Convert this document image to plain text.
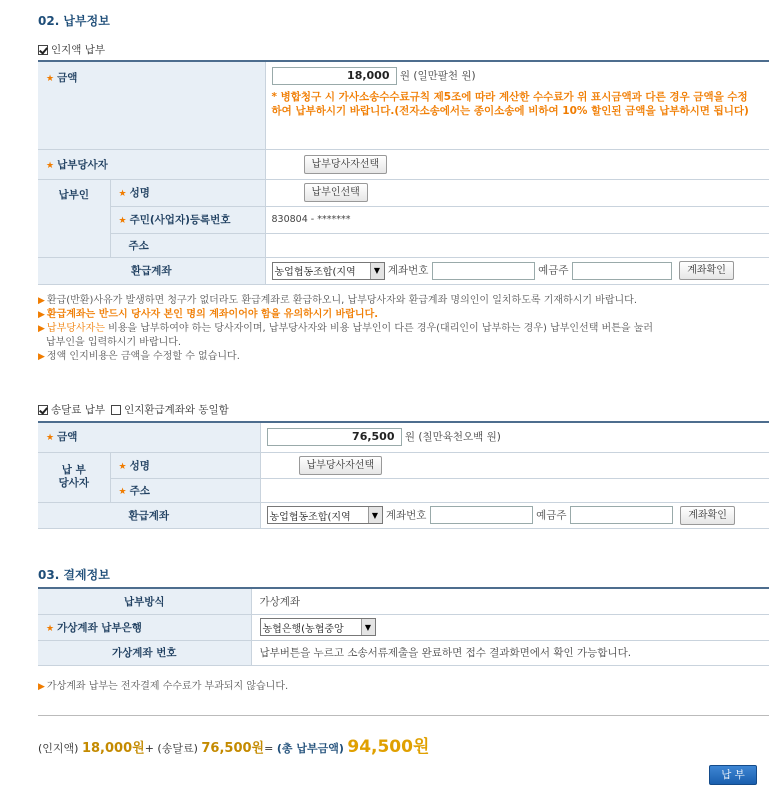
02. 납부정보
인지액 납부
★ 금액		18,000 원 (일만팔천 원)
* 병합청구 시 가사소송수수료규칙 제5조에 따라 계산한 수수료가 위 표시금액과 다른 경우 금액을 수정하여 납부하시기 바랍니다.(전자소송에서는 종이소송에 비하여 10% 할인된 금액을 납부하시면 됩니다)

★ 납부당사자		납부당사자선택
납부인	★ 성명	납부인선택
	★ 주민(사업자)등록번호	830804 - *******
	주소	
환급계좌		농업협동조합(지역 ▼ 계좌번호 예금주 계좌확인
▶ 환급(반환)사유가 발생하면 청구가 없더라도 환급계좌로 환급하오니, 납부당사자와 환급계좌 명의인이 일치하도록 기재하시기 바랍니다.
▶ 환급계좌는 반드시 당사자 본인 명의 계좌이어야 함을 유의하시기 바랍니다.
▶ 납부당사자는 비용을 납부하여야 하는 당사자이며, 납부당사자와 비용 납부인이 다른 경우(대리인이 납부하는 경우) 납부인선택 버튼을 눌러
납부인을 입력하시기 바랍니다.
▶ 정액 인지비용은 금액을 수정할 수 없습니다.
송달료 납부 인지환급계좌와 동일함
★ 금액		76,500 원 (칠만육천오백 원)

납 부
당사자	★ 성명	납부당사자선택
	★ 주소	
환급계좌		농업협동조합(지역 ▼ 계좌번호 예금주 계좌확인
03. 결제정보
납부방식	가상계좌
★ 가상계좌 납부은행	농협은행(농협중앙 ▼

가상계좌 번호	납부버튼을 누르고 소송서류제출을 완료하면 접수 결과화면에서 확인 가능합니다.
▶ 가상계좌 납부는 전자결제 수수료가 부과되지 않습니다.
(인지액) 18,000원+ (송달료) 76,500원= (총 납부금액) 94,500원
납 부
